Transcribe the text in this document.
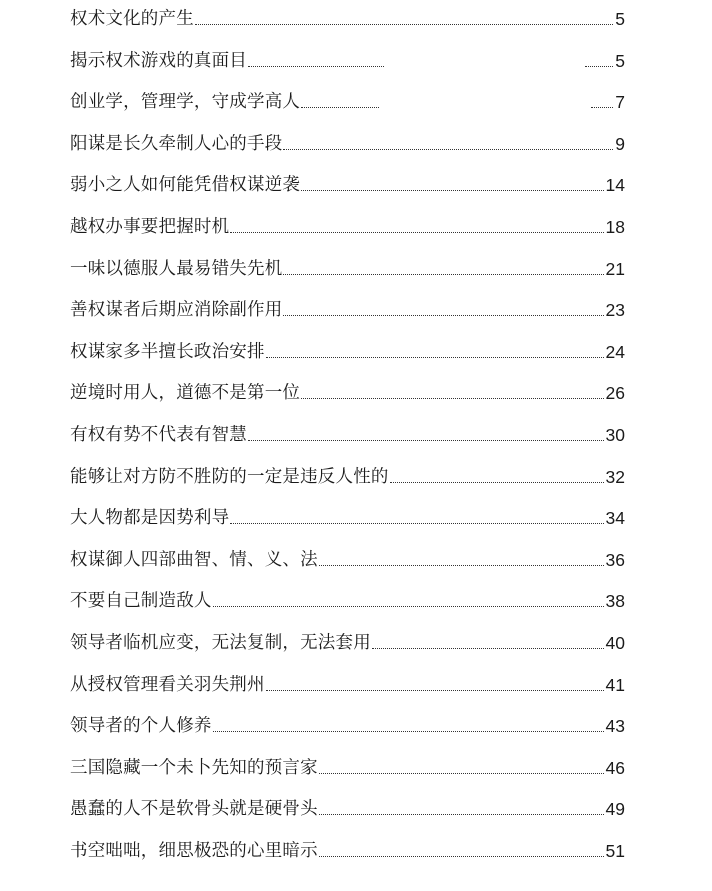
权术文化的产生	5
揭示权术游戏的真面目	5
创业学，管理学，守成学高人	7
阳谋是长久牵制人心的手段	9
弱小之人如何能凭借权谋逆袭	14
越权办事要把握时机	18
一味以德服人最易错失先机	21
善权谋者后期应消除副作用	23
权谋家多半擅长政治安排	24
逆境时用人，道德不是第一位	26
有权有势不代表有智慧	30
能够让对方防不胜防的一定是违反人性的	32
大人物都是因势利导	34
权谋御人四部曲智、情、义、法	36
不要自己制造敌人	38
领导者临机应变，无法复制，无法套用	40
从授权管理看关羽失荆州	41
领导者的个人修养	43
三国隐藏一个未卜先知的预言家	46
愚蠢的人不是软骨头就是硬骨头	49
书空咄咄，细思极恐的心里暗示	51
